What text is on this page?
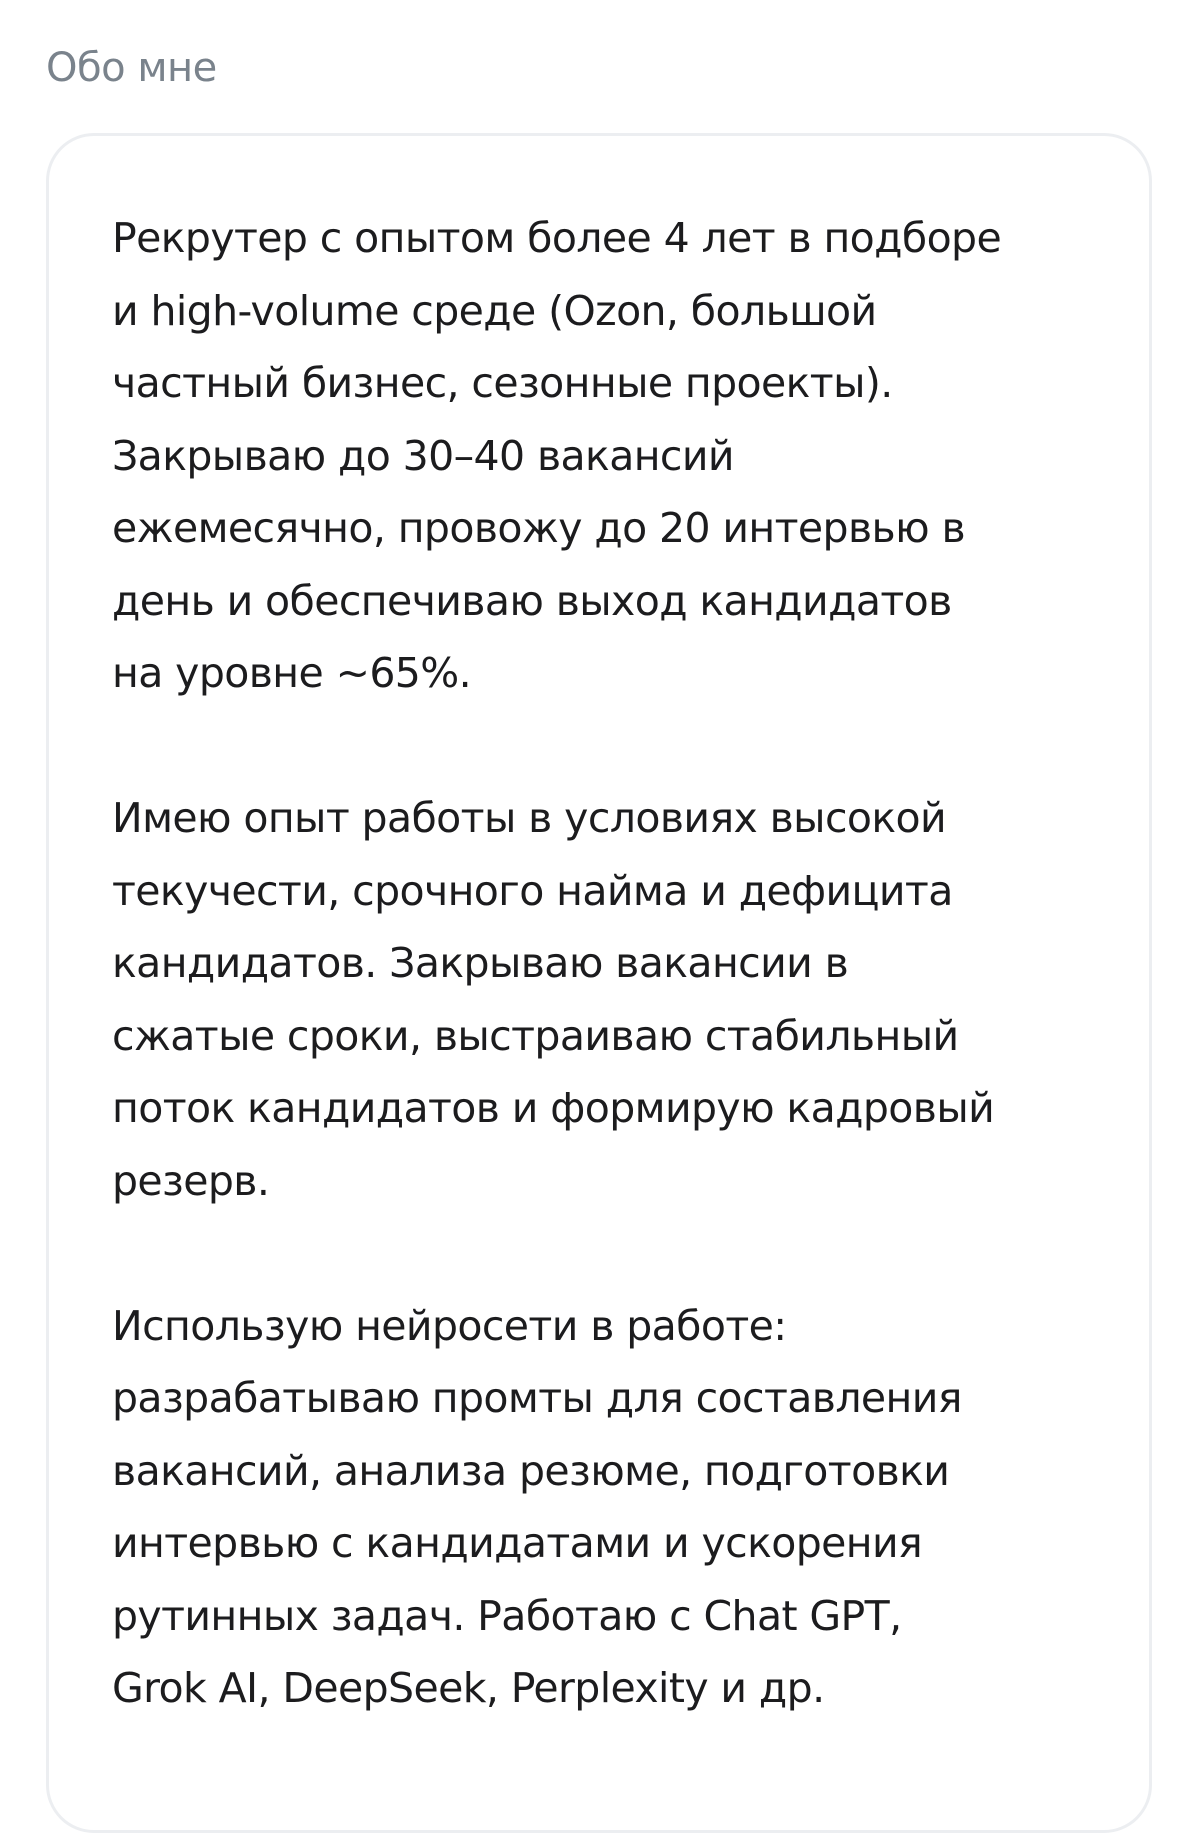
Обо мне

Рекрутер с опытом более 4 лет в подборе
и high-volume среде (Ozon, большой
частный бизнес, сезонные проекты).
Закрываю до 30–40 вакансий
ежемесячно, провожу до 20 интервью в
день и обеспечиваю выход кандидатов
на уровне ~65%.

Имею опыт работы в условиях высокой
текучести, срочного найма и дефицита
кандидатов. Закрываю вакансии в
сжатые сроки, выстраиваю стабильный
поток кандидатов и формирую кадровый
резерв.

Использую нейросети в работе:
разрабатываю промты для составления
вакансий, анализа резюме, подготовки
интервью с кандидатами и ускорения
рутинных задач. Работаю с Chat GPT,
Grok AI, DeepSeek, Perplexity и др.
